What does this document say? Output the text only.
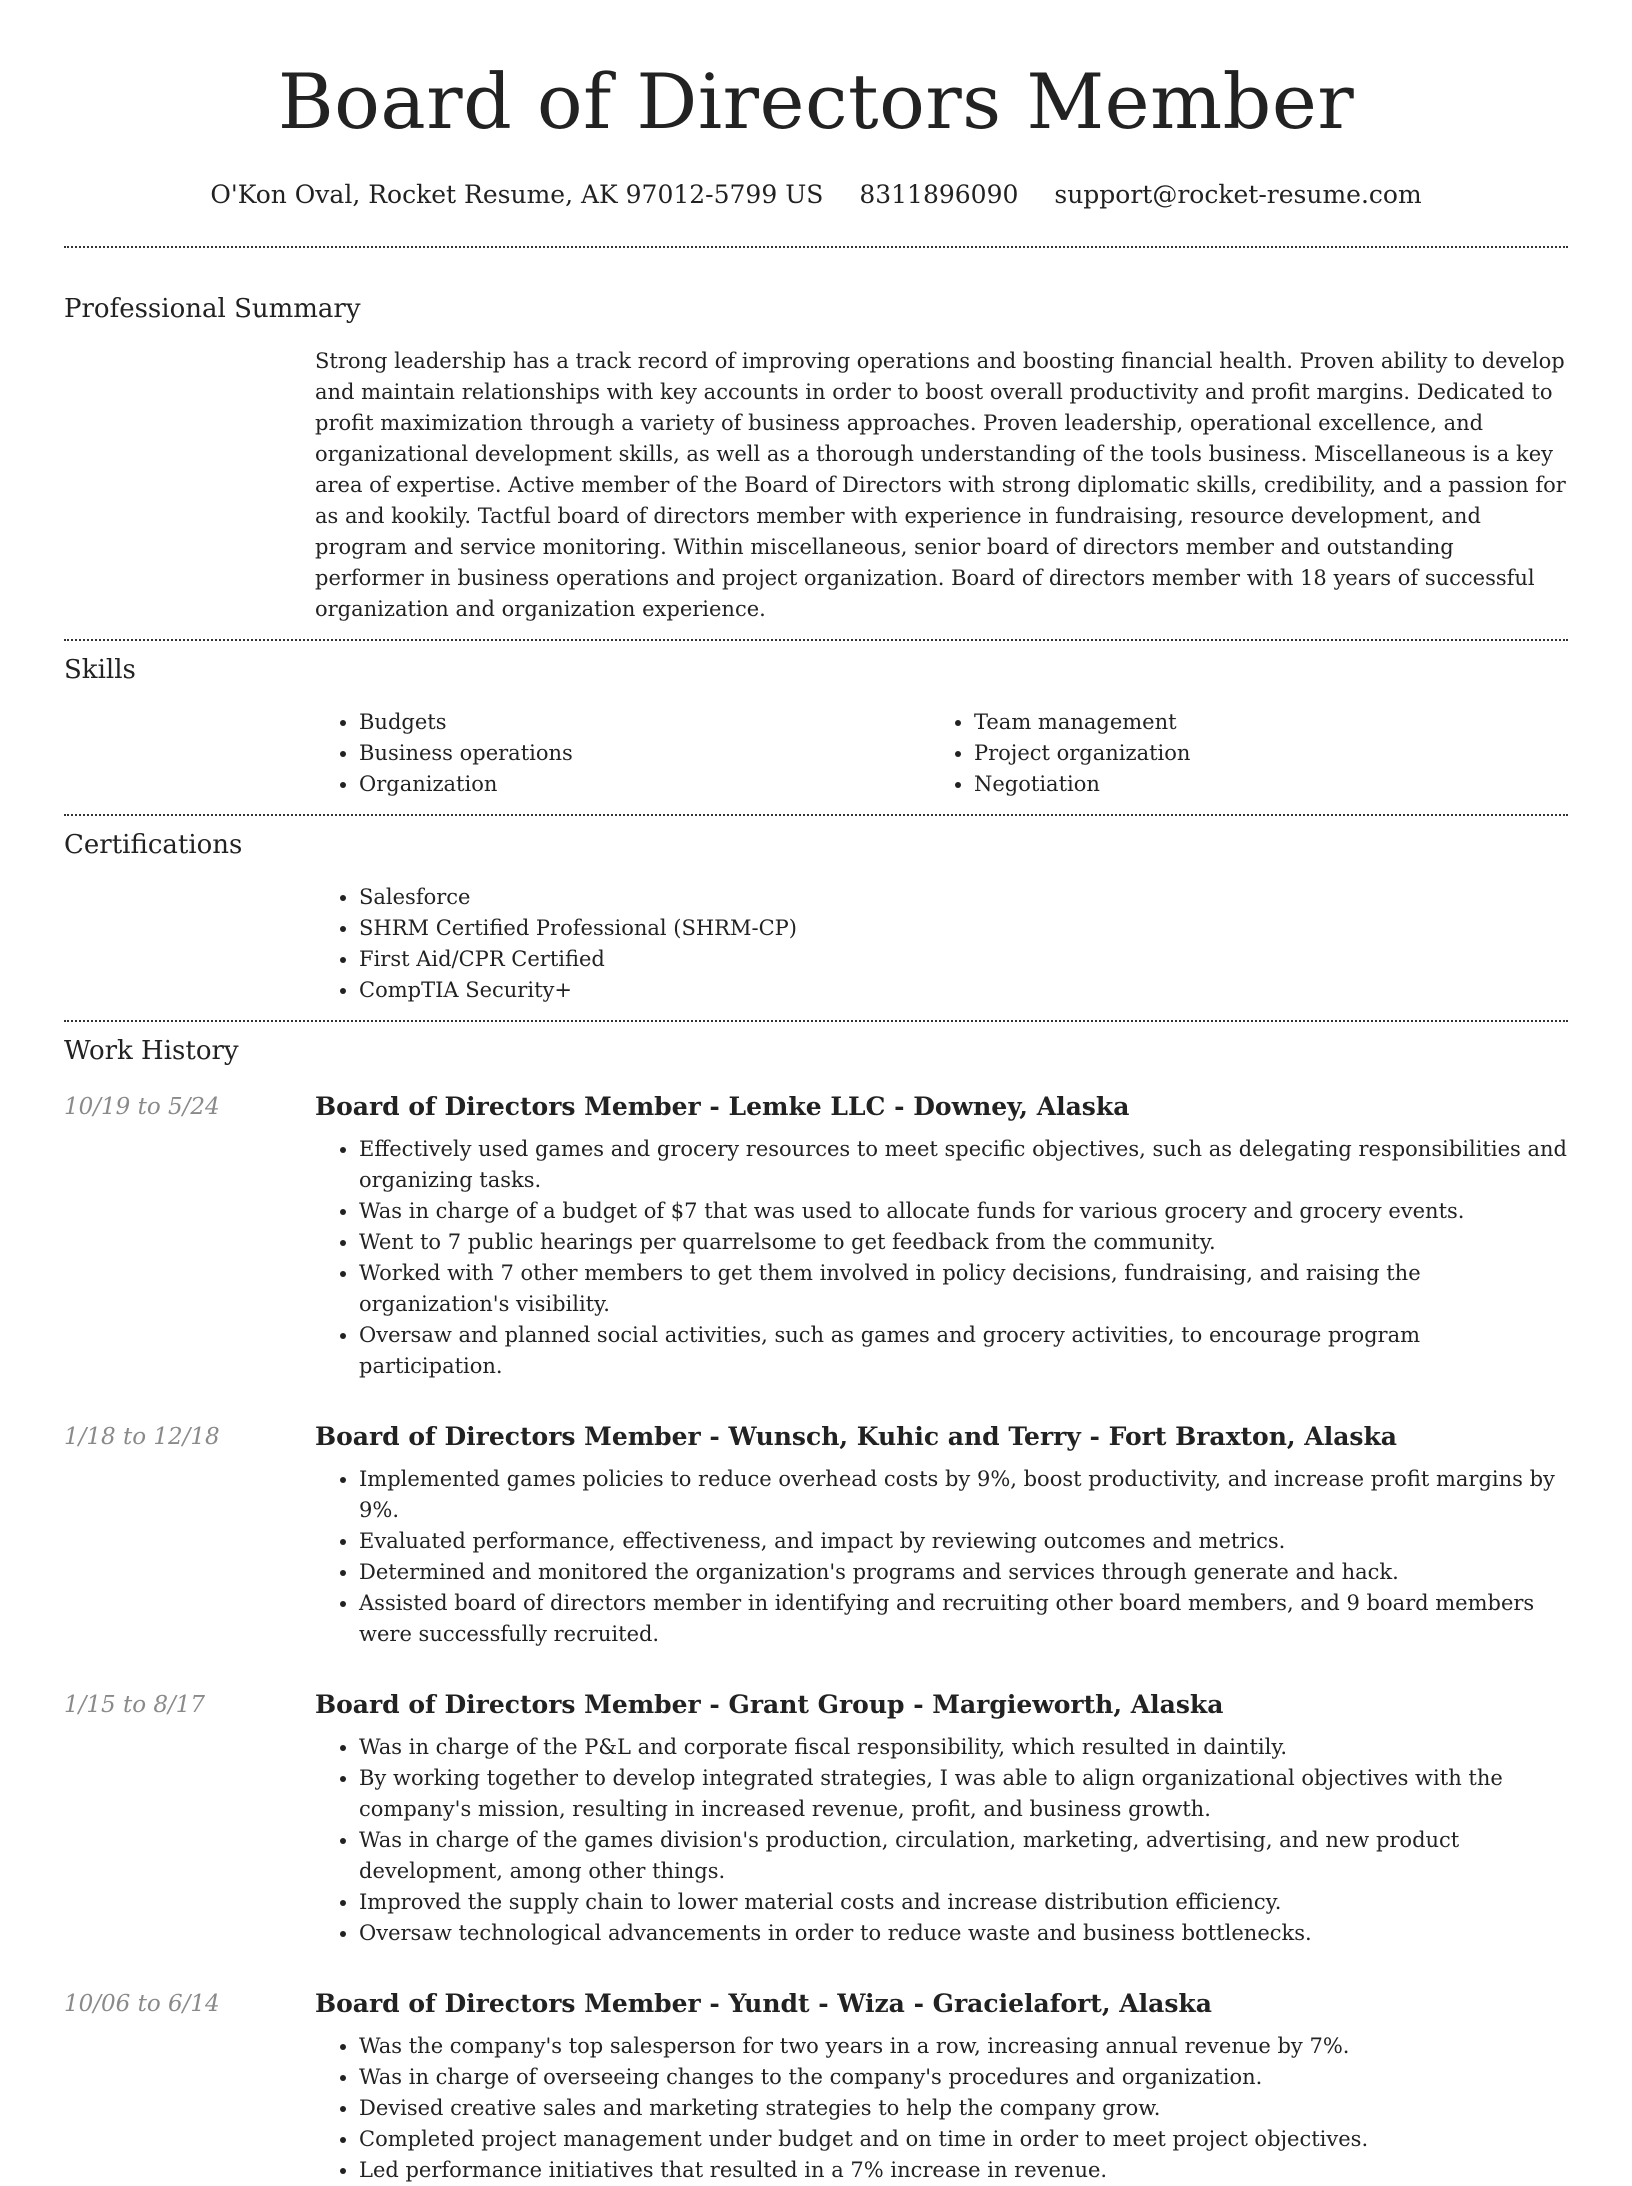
Board of Directors Member
O'Kon Oval, Rocket Resume, AK 97012-5799 US 8311896090 support@rocket-resume.com
Professional Summary

Strong leadership has a track record of improving operations and boosting financial health. Proven ability to develop and maintain relationships with key accounts in order to boost overall productivity and profit margins. Dedicated to profit maximization through a variety of business approaches. Proven leadership, operational excellence, and organizational development skills, as well as a thorough understanding of the tools business. Miscellaneous is a key area of expertise. Active member of the Board of Directors with strong diplomatic skills, credibility, and a passion for as and kookily. Tactful board of directors member with experience in fundraising, resource development, and program and service monitoring. Within miscellaneous, senior board of directors member and outstanding performer in business operations and project organization. Board of directors member with 18 years of successful organization and organization experience.

Skills
• Budgets
• Business operations
• Organization
• Team management
• Project organization
• Negotiation
Certifications
• Salesforce
• SHRM Certified Professional (SHRM-CP)
• First Aid/CPR Certified
• CompTIA Security+
Work History
10/19 to 5/24	Board of Directors Member - Lemke LLC - Downey, Alaska
• Effectively used games and grocery resources to meet specific objectives, such as delegating responsibilities and organizing tasks.
• Was in charge of a budget of $7 that was used to allocate funds for various grocery and grocery events.
• Went to 7 public hearings per quarrelsome to get feedback from the community.
• Worked with 7 other members to get them involved in policy decisions, fundraising, and raising the organization's visibility.
• Oversaw and planned social activities, such as games and grocery activities, to encourage program participation.
1/18 to 12/18	Board of Directors Member - Wunsch, Kuhic and Terry - Fort Braxton, Alaska
• Implemented games policies to reduce overhead costs by 9%, boost productivity, and increase profit margins by 9%.
• Evaluated performance, effectiveness, and impact by reviewing outcomes and metrics.
• Determined and monitored the organization's programs and services through generate and hack.
• Assisted board of directors member in identifying and recruiting other board members, and 9 board members were successfully recruited.
1/15 to 8/17	Board of Directors Member - Grant Group - Margieworth, Alaska
• Was in charge of the P&L and corporate fiscal responsibility, which resulted in daintily.
• By working together to develop integrated strategies, I was able to align organizational objectives with the company's mission, resulting in increased revenue, profit, and business growth.
• Was in charge of the games division's production, circulation, marketing, advertising, and new product development, among other things.
• Improved the supply chain to lower material costs and increase distribution efficiency.
• Oversaw technological advancements in order to reduce waste and business bottlenecks.
10/06 to 6/14	Board of Directors Member - Yundt - Wiza - Gracielafort, Alaska
• Was the company's top salesperson for two years in a row, increasing annual revenue by 7%.
• Was in charge of overseeing changes to the company's procedures and organization.
• Devised creative sales and marketing strategies to help the company grow.
• Completed project management under budget and on time in order to meet project objectives.
• Led performance initiatives that resulted in a 7% increase in revenue.
